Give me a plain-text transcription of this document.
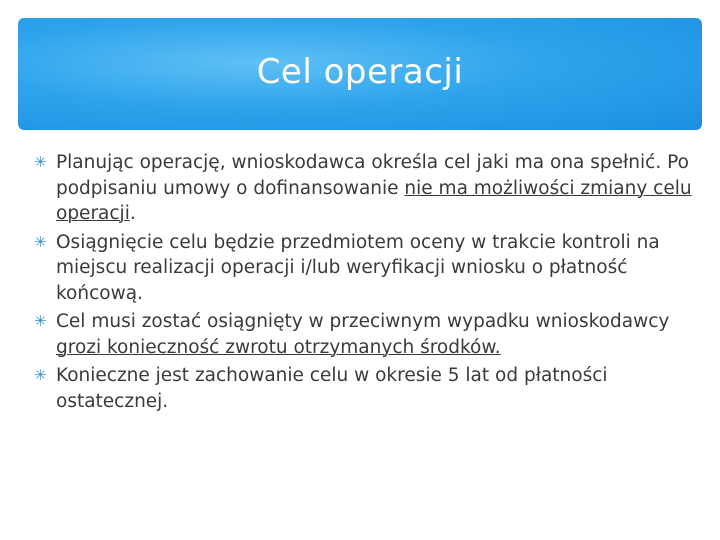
Cel operacji
✳ Planując operację, wnioskodawca określa cel jaki ma ona spełnić. Po podpisaniu umowy o dofinansowanie nie ma możliwości zmiany celu operacji.
✳ Osiągnięcie celu będzie przedmiotem oceny w trakcie kontroli na miejscu realizacji operacji i/lub weryfikacji wniosku o płatność końcową.
✳ Cel musi zostać osiągnięty w przeciwnym wypadku wnioskodawcy grozi konieczność zwrotu otrzymanych środków.
✳ Konieczne jest zachowanie celu w okresie 5 lat od płatności ostatecznej.
